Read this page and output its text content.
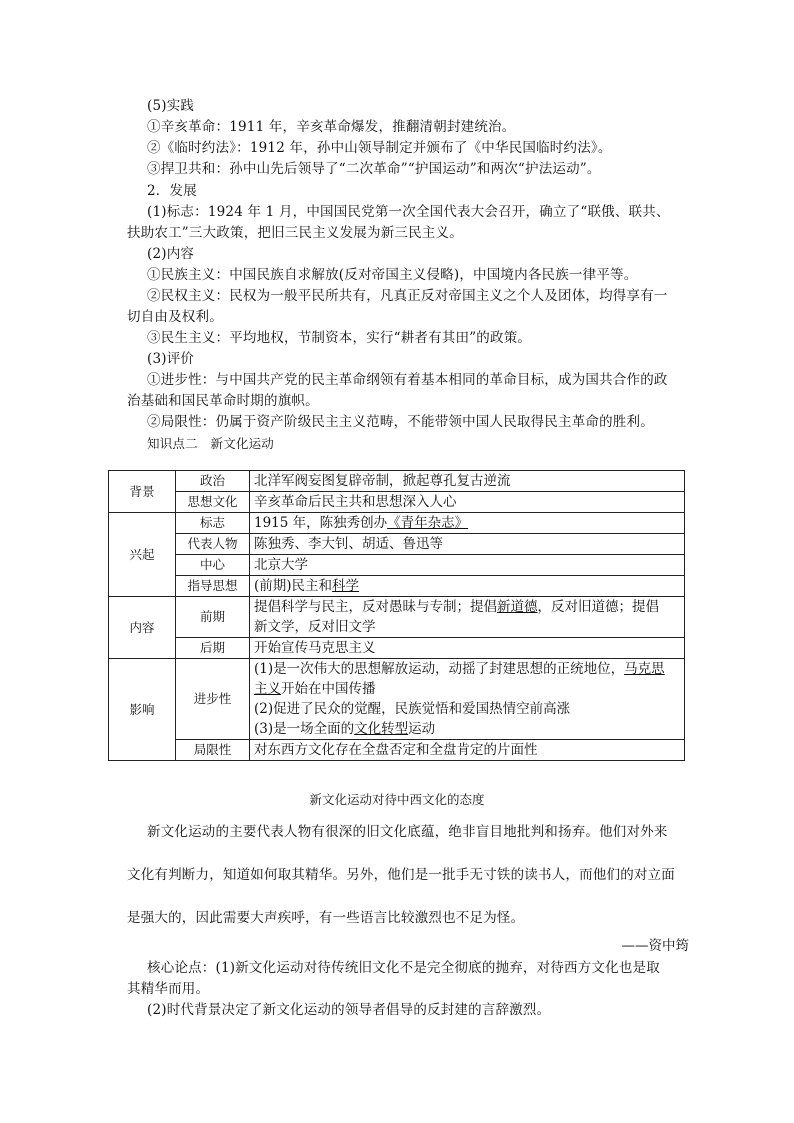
(5)实践
①辛亥革命：1911 年，辛亥革命爆发，推翻清朝封建统治。
②《临时约法》：1912 年，孙中山领导制定并颁布了《中华民国临时约法》。
③捍卫共和：孙中山先后领导了“二次革命”“护国运动”和两次“护法运动”。
2．发展
(1)标志：1924 年 1 月，中国国民党第一次全国代表大会召开，确立了“联俄、联共、
扶助农工”三大政策，把旧三民主义发展为新三民主义。
(2)内容
①民族主义：中国民族自求解放(反对帝国主义侵略)，中国境内各民族一律平等。
②民权主义：民权为一般平民所共有，凡真正反对帝国主义之个人及团体，均得享有一
切自由及权利。
③民生主义：平均地权，节制资本，实行“耕者有其田”的政策。
(3)评价
①进步性：与中国共产党的民主革命纲领有着基本相同的革命目标，成为国共合作的政
治基础和国民革命时期的旗帜。
②局限性：仍属于资产阶级民主主义范畴，不能带领中国人民取得民主革命的胜利。
知识点二　新文化运动
背景	政治	北洋军阀妄图复辟帝制，掀起尊孔复古逆流
	思想文化	辛亥革命后民主共和思想深入人心
兴起	标志	1915 年，陈独秀创办《青年杂志》
	代表人物	陈独秀、李大钊、胡适、鲁迅等
	中心	北京大学
	指导思想	(前期)民主和科学
内容	前期	提倡科学与民主，反对愚昧与专制；提倡新道德，反对旧道德；提倡
新文学，反对旧文学
	后期	开始宣传马克思主义
影响	进步性	(1)是一次伟大的思想解放运动，动摇了封建思想的正统地位，马克思
主义开始在中国传播
(2)促进了民众的觉醒，民族觉悟和爱国热情空前高涨
(3)是一场全面的文化转型运动
	局限性	对东西方文化存在全盘否定和全盘肯定的片面性
新文化运动对待中西文化的态度
新文化运动的主要代表人物有很深的旧文化底蕴，绝非盲目地批判和扬弃。他们对外来
文化有判断力，知道如何取其精华。另外，他们是一批手无寸铁的读书人，而他们的对立面
是强大的，因此需要大声疾呼，有一些语言比较激烈也不足为怪。
——资中筠
核心论点：(1)新文化运动对待传统旧文化不是完全彻底的抛弃，对待西方文化也是取
其精华而用。
(2)时代背景决定了新文化运动的领导者倡导的反封建的言辞激烈。
